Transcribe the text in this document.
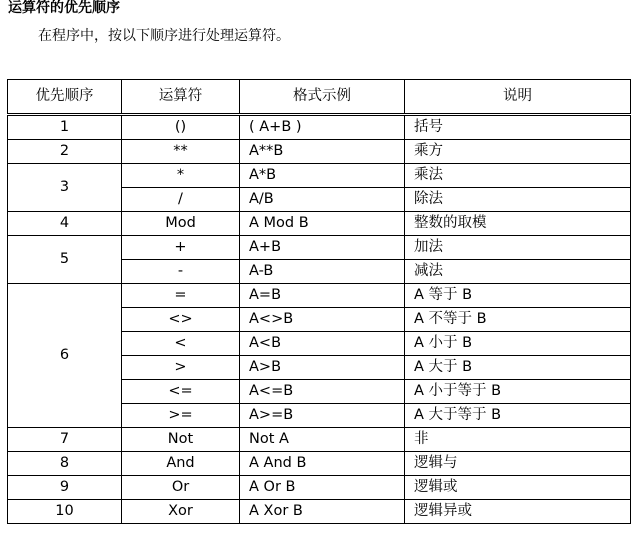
运算符的优先顺序
在程序中，按以下顺序进行处理运算符。
优先顺序	运算符	格式示例	说明
1	()	( A+B )	括号
2	**	A**B	乘方
3	*	A*B	乘法
	/	A/B	除法
4	Mod	A Mod B	整数的取模
5	+	A+B	加法
	-	A-B	减法
6	=	A=B	A 等于 B
	<>	A<>B	A 不等于 B
	<	A<B	A 小于 B
	>	A>B	A 大于 B
	<=	A<=B	A 小于等于 B
	>=	A>=B	A 大于等于 B
7	Not	Not A	非
8	And	A And B	逻辑与
9	Or	A Or B	逻辑或
10	Xor	A Xor B	逻辑异或
